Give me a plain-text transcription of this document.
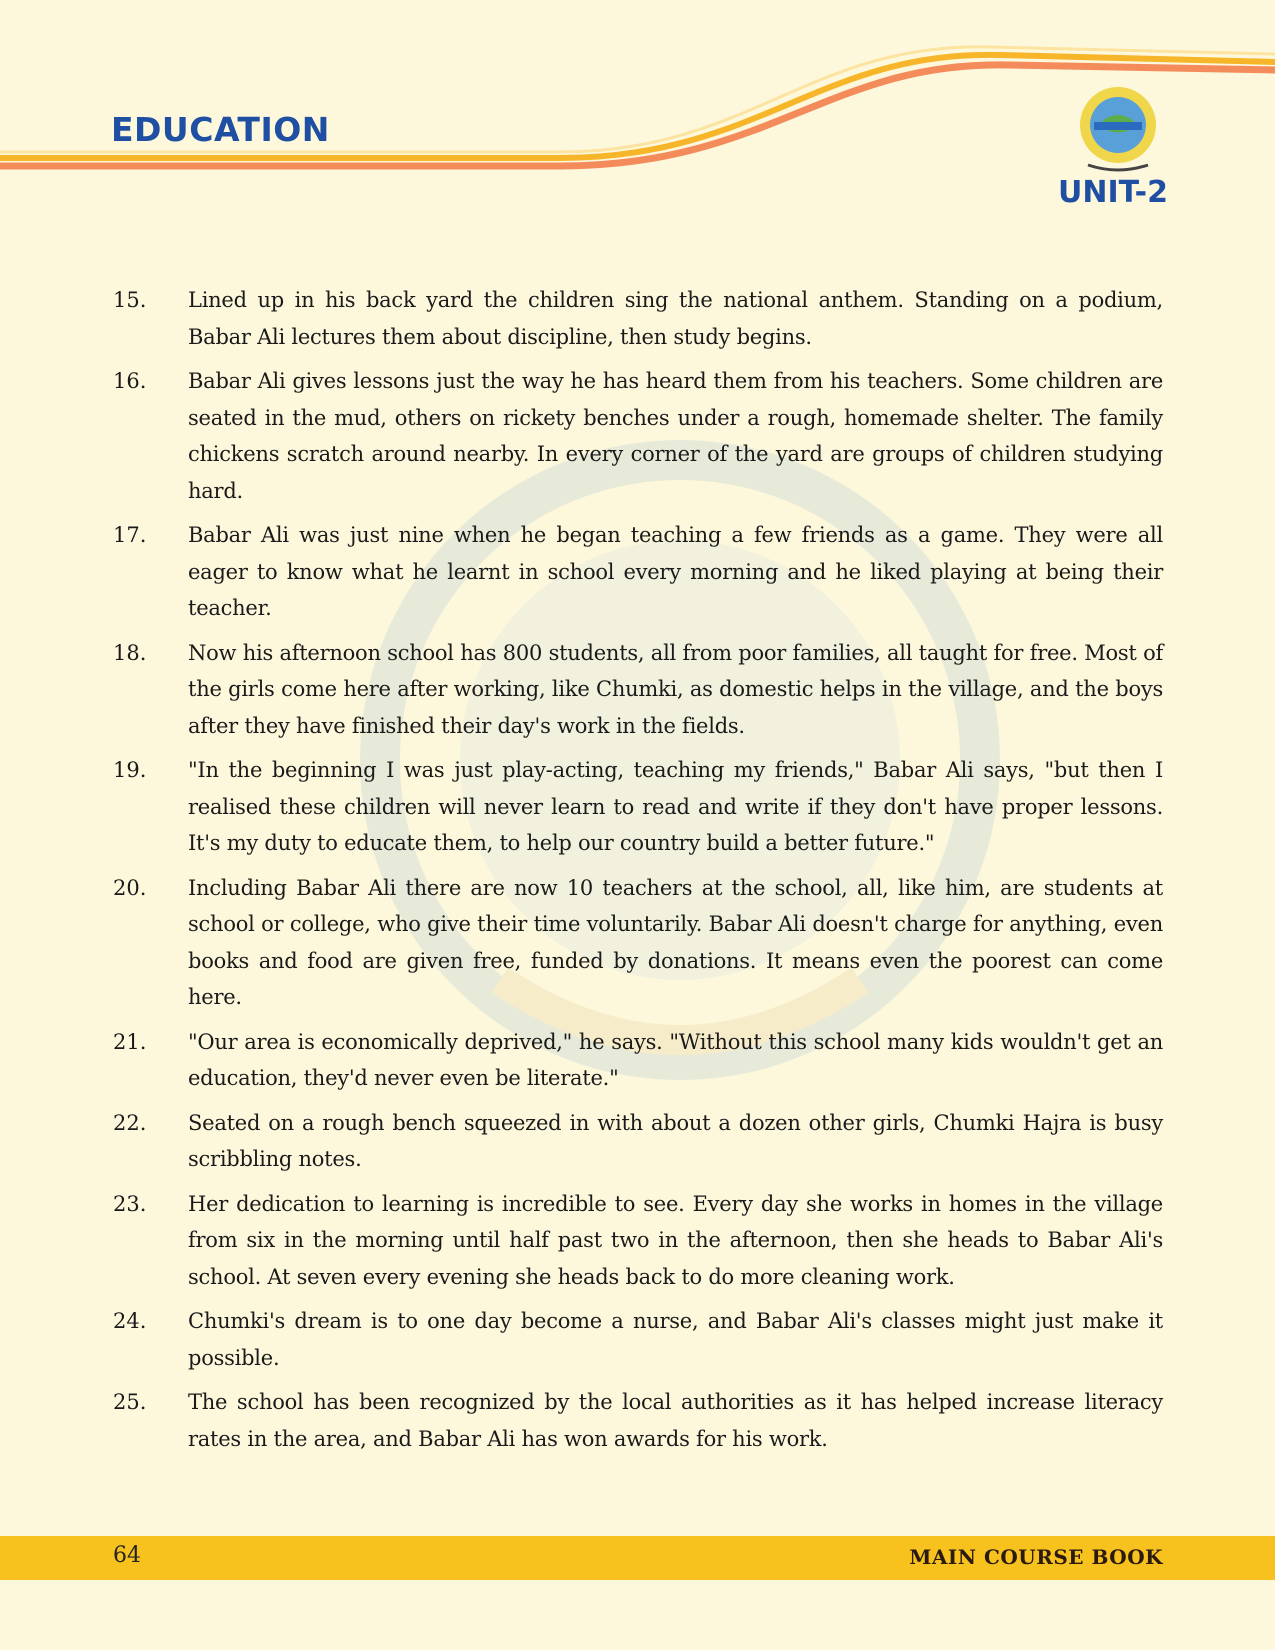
EDUCATION
UNIT-2
15.	Lined up in his back yard the children sing the national anthem. Standing on a podium, Babar Ali lectures them about discipline, then study begins.
16.	Babar Ali gives lessons just the way he has heard them from his teachers. Some children are seated in the mud, others on rickety benches under a rough, homemade shelter. The family chickens scratch around nearby. In every corner of the yard are groups of children studying hard.
17.	Babar Ali was just nine when he began teaching a few friends as a game. They were all eager to know what he learnt in school every morning and he liked playing at being their teacher.
18.	Now his afternoon school has 800 students, all from poor families, all taught for free. Most of the girls come here after working, like Chumki, as domestic helps in the village, and the boys after they have finished their day's work in the fields.
19.	"In the beginning I was just play-acting, teaching my friends," Babar Ali says, "but then I realised these children will never learn to read and write if they don't have proper lessons. It's my duty to educate them, to help our country build a better future."
20.	Including Babar Ali there are now 10 teachers at the school, all, like him, are students at school or college, who give their time voluntarily. Babar Ali doesn't charge for anything, even books and food are given free, funded by donations. It means even the poorest can come here.
21.	"Our area is economically deprived," he says. "Without this school many kids wouldn't get an education, they'd never even be literate."
22.	Seated on a rough bench squeezed in with about a dozen other girls, Chumki Hajra is busy scribbling notes.
23.	Her dedication to learning is incredible to see. Every day she works in homes in the village from six in the morning until half past two in the afternoon, then she heads to Babar Ali's school. At seven every evening she heads back to do more cleaning work.
24.	Chumki's dream is to one day become a nurse, and Babar Ali's classes might just make it possible.
25.	The school has been recognized by the local authorities as it has helped increase literacy rates in the area, and Babar Ali has won awards for his work.
64	MAIN COURSE BOOK
